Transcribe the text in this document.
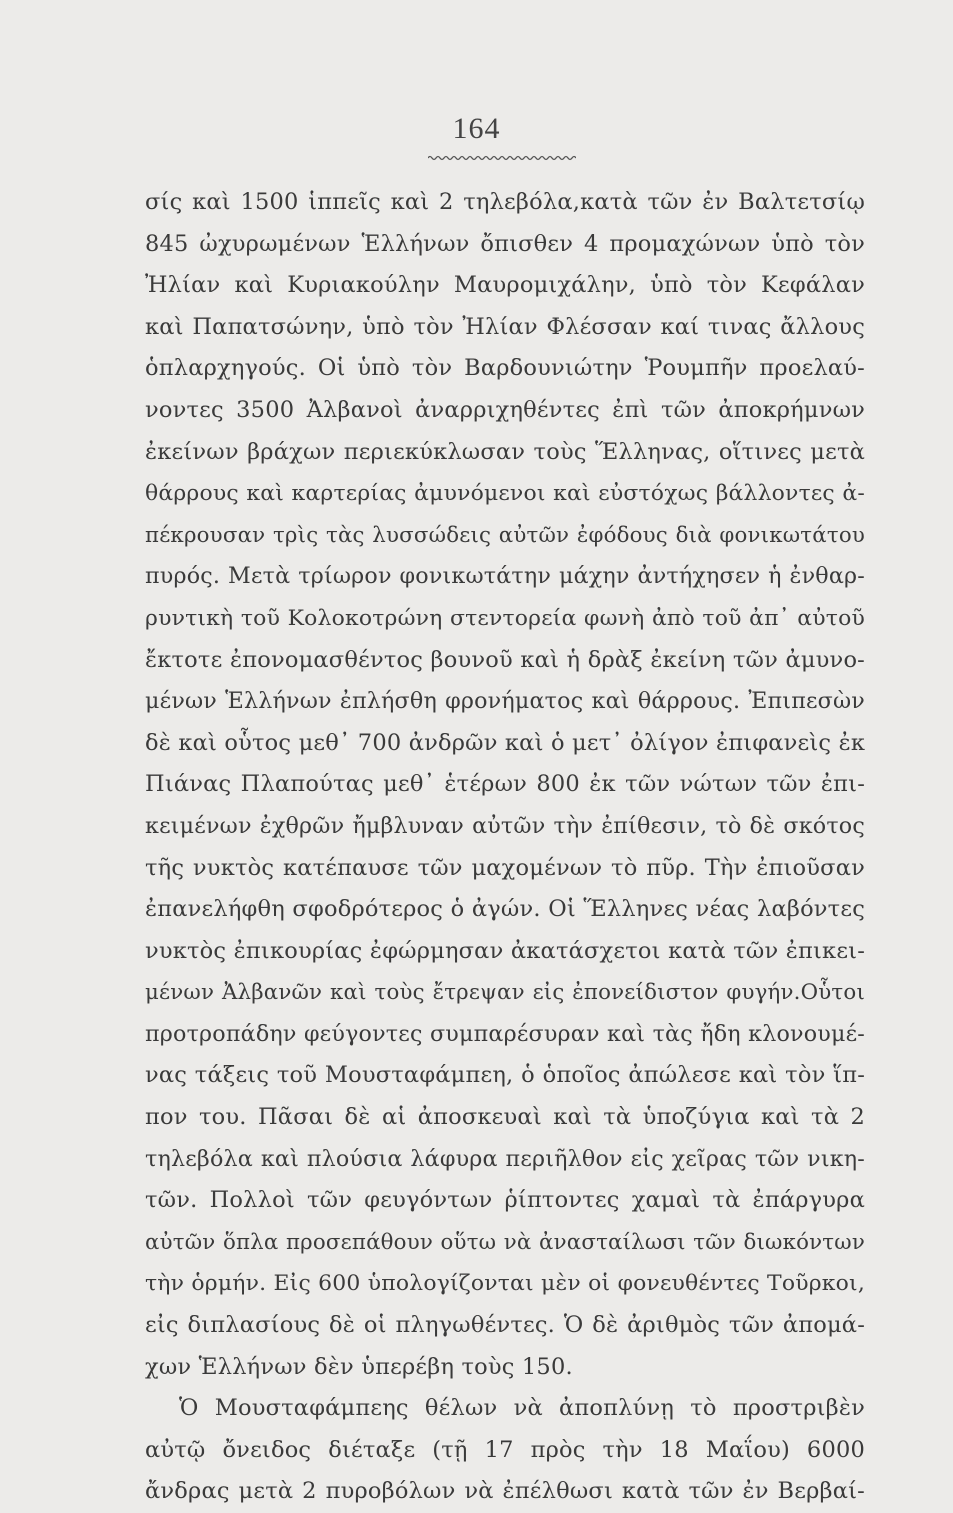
164
σίς καὶ 1500 ἱππεῖς καὶ 2 τηλεβόλα,κατὰ τῶν ἐν Βαλτετσίῳ
845 ὠχυρωμένων Ἑλλήνων ὄπισθεν 4 προμαχώνων ὑπὸ τὸν
Ἠλίαν καὶ Κυριακούλην Μαυρομιχάλην, ὑπὸ τὸν Κεφάλαν
καὶ Παπατσώνην, ὑπὸ τὸν Ἠλίαν Φλέσσαν καί τινας ἄλλους
ὁπλαρχηγούς. Οἱ ὑπὸ τὸν Βαρδουνιώτην Ῥουμπῆν προελαύ-
νοντες 3500 Ἀλβανοὶ ἀναρριχηθέντες ἐπὶ τῶν ἀποκρήμνων
ἐκείνων βράχων περιεκύκλωσαν τοὺς Ἕλληνας, οἵτινες μετὰ
θάρρους καὶ καρτερίας ἀμυνόμενοι καὶ εὐστόχως βάλλοντες ἀ-
πέκρουσαν τρὶς τὰς λυσσώδεις αὐτῶν ἐφόδους διὰ φονικωτάτου
πυρός. Μετὰ τρίωρον φονικωτάτην μάχην ἀντήχησεν ἡ ἐνθαρ-
ρυντικὴ τοῦ Κολοκοτρώνη στεντορεία φωνὴ ἀπὸ τοῦ ἀπ᾽ αὐτοῦ
ἔκτοτε ἐπονομασθέντος βουνοῦ καὶ ἡ δρὰξ ἐκείνη τῶν ἀμυνο-
μένων Ἑλλήνων ἐπλήσθη φρονήματος καὶ θάρρους. Ἐπιπεσὼν
δὲ καὶ οὗτος μεθ᾽ 700 ἀνδρῶν καὶ ὁ μετ᾽ ὀλίγον ἐπιφανεὶς ἐκ
Πιάνας Πλαπούτας μεθ᾽ ἑτέρων 800 ἐκ τῶν νώτων τῶν ἐπι-
κειμένων ἐχθρῶν ἤμβλυναν αὐτῶν τὴν ἐπίθεσιν, τὸ δὲ σκότος
τῆς νυκτὸς κατέπαυσε τῶν μαχομένων τὸ πῦρ. Τὴν ἐπιοῦσαν
ἐπανελήφθη σφοδρότερος ὁ ἀγών. Οἱ Ἕλληνες νέας λαβόντες
νυκτὸς ἐπικουρίας ἐφώρμησαν ἀκατάσχετοι κατὰ τῶν ἐπικει-
μένων Ἀλβανῶν καὶ τοὺς ἔτρεψαν εἰς ἐπονείδιστον φυγήν.Οὗτοι
προτροπάδην φεύγοντες συμπαρέσυραν καὶ τὰς ἤδη κλονουμέ-
νας τάξεις τοῦ Μουσταφάμπεη, ὁ ὁποῖος ἀπώλεσε καὶ τὸν ἵπ-
πον του. Πᾶσαι δὲ αἱ ἀποσκευαὶ καὶ τὰ ὑποζύγια καὶ τὰ 2
τηλεβόλα καὶ πλούσια λάφυρα περιῆλθον εἰς χεῖρας τῶν νικη-
τῶν. Πολλοὶ τῶν φευγόντων ῥίπτοντες χαμαὶ τὰ ἐπάργυρα
αὐτῶν ὅπλα προσεπάθουν οὕτω νὰ ἀνασταίλωσι τῶν διωκόντων
τὴν ὁρμήν. Εἰς 600 ὑπολογίζονται μὲν οἱ φονευθέντες Τοῦρκοι,
εἰς διπλασίους δὲ οἱ πληγωθέντες. Ὁ δὲ ἀριθμὸς τῶν ἀπομά-
χων Ἑλλήνων δὲν ὑπερέβη τοὺς 150.
Ὁ Μουσταφάμπεης θέλων νὰ ἀποπλύνῃ τὸ προστριβὲν
αὐτῷ ὄνειδος διέταξε (τῇ 17 πρὸς τὴν 18 Μαΐου) 6000
ἄνδρας μετὰ 2 πυροβόλων νὰ ἐπέλθωσι κατὰ τῶν ἐν Βερβαί-
